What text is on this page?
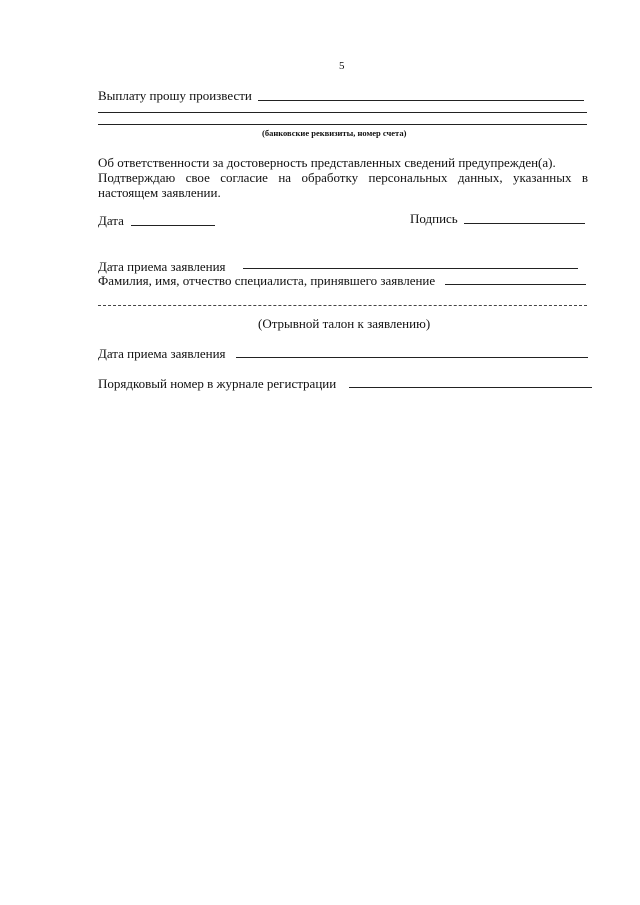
5
Выплату прошу произвести
(банковские реквизиты, номер счета)
Об ответственности за достоверность представленных сведений предупрежден(а).
Подтверждаю свое согласие на обработку персональных данных, указанных в
настоящем заявлении.
Дата	Подпись
Дата приема заявления
Фамилия, имя, отчество специалиста, принявшего заявление
(Отрывной талон к заявлению)
Дата приема заявления
Порядковый номер в журнале регистрации
